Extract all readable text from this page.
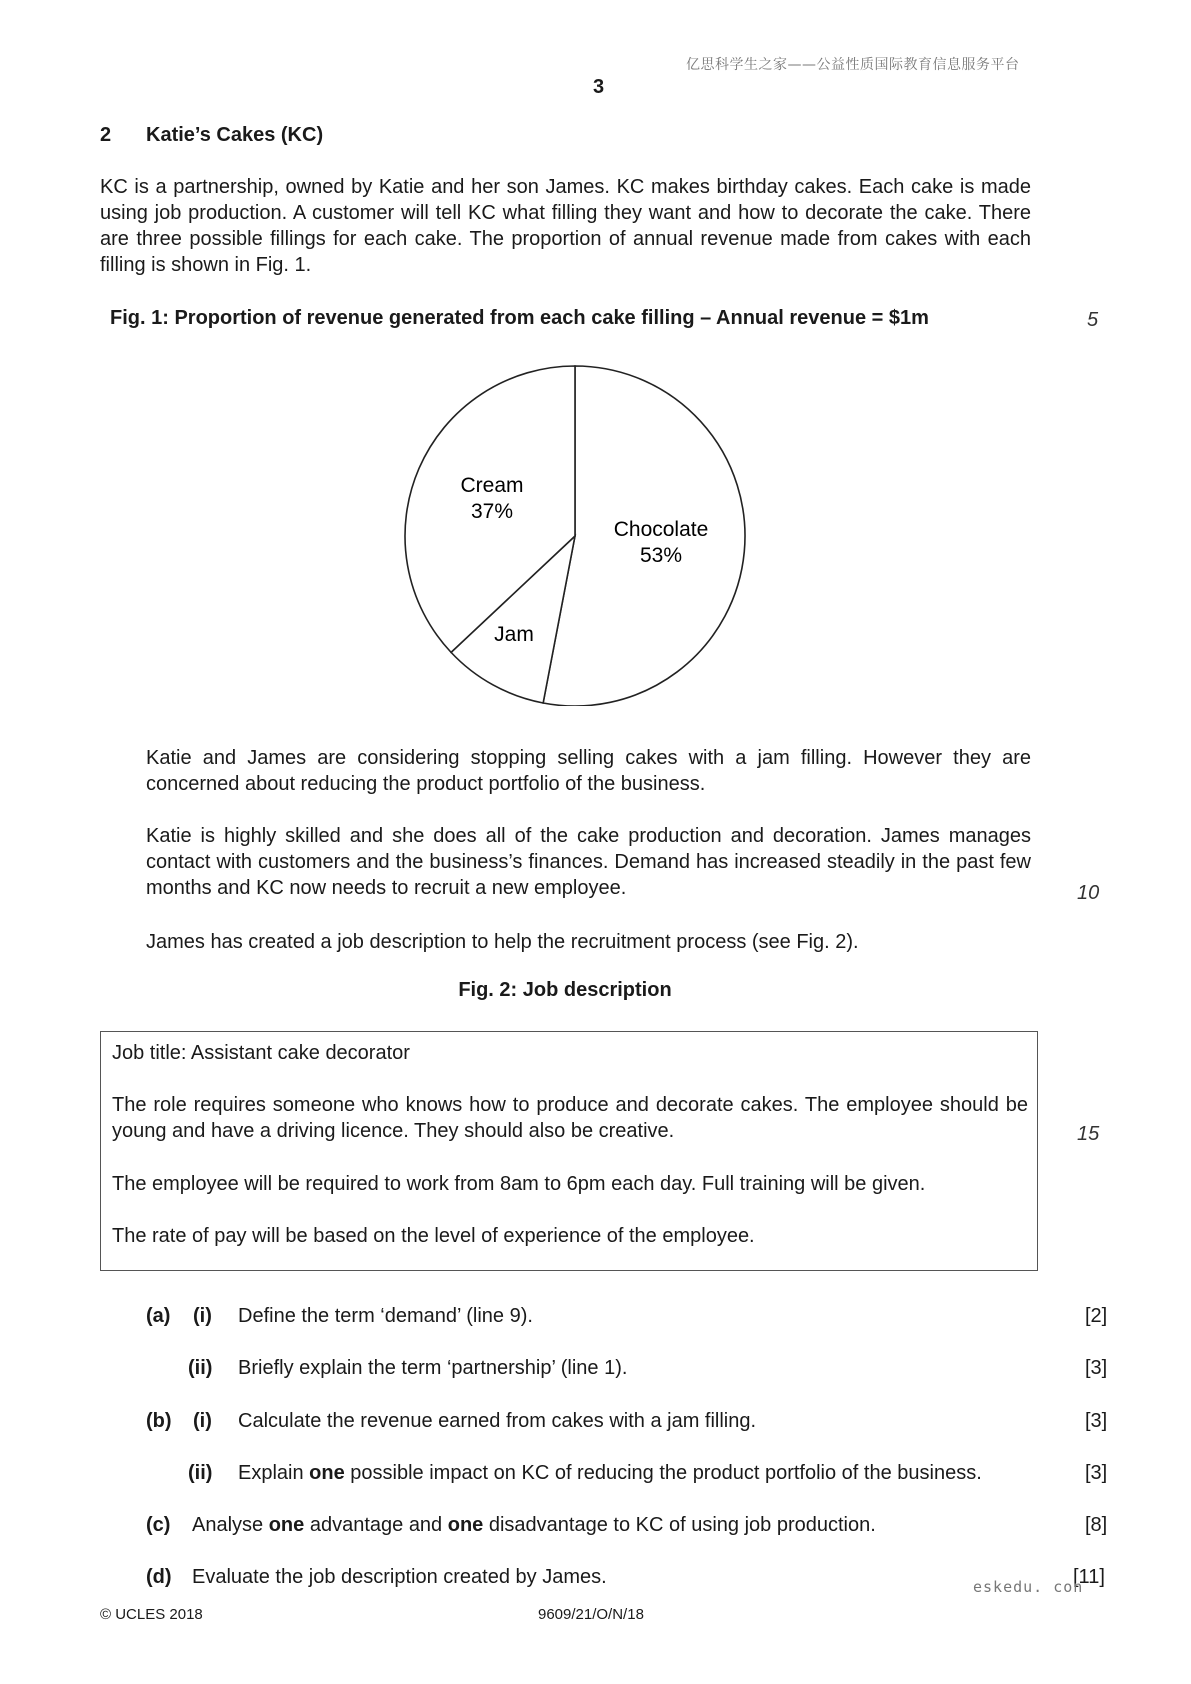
亿思科学生之家——公益性质国际教育信息服务平台
3
2 Katie’s Cakes (KC)
KC is a partnership, owned by Katie and her son James. KC makes birthday cakes. Each cake is made using job production. A customer will tell KC what filling they want and how to decorate the cake. There are three possible fillings for each cake. The proportion of annual revenue made from cakes with each filling is shown in Fig. 1.
Fig. 1: Proportion of revenue generated from each cake filling – Annual revenue = $1m	5
Cream
37%
Chocolate
53%
Jam
Katie and James are considering stopping selling cakes with a jam filling. However they are concerned about reducing the product portfolio of the business.
Katie is highly skilled and she does all of the cake production and decoration. James manages contact with customers and the business’s finances. Demand has increased steadily in the past few months and KC now needs to recruit a new employee.	10
James has created a job description to help the recruitment process (see Fig. 2).
Fig. 2: Job description
Job title: Assistant cake decorator
The role requires someone who knows how to produce and decorate cakes. The employee should be young and have a driving licence. They should also be creative.	15
The employee will be required to work from 8am to 6pm each day. Full training will be given.
The rate of pay will be based on the level of experience of the employee.
(a) (i) Define the term ‘demand’ (line 9).	[2]
(ii) Briefly explain the term ‘partnership’ (line 1).	[3]
(b) (i) Calculate the revenue earned from cakes with a jam filling.	[3]
(ii) Explain one possible impact on KC of reducing the product portfolio of the business.	[3]
(c) Analyse one advantage and one disadvantage to KC of using job production.	[8]
(d) Evaluate the job description created by James.	[11]
eskedu. con
© UCLES 2018	9609/21/O/N/18
